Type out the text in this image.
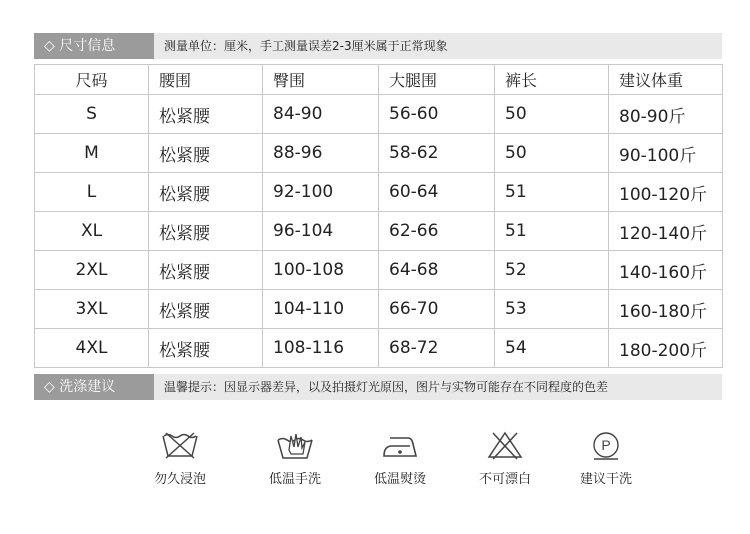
◇ 尺寸信息	测量单位：厘米，手工测量误差2-3厘米属于正常现象
尺码	腰围	臀围	大腿围	裤长	建议体重
S	松紧腰	84-90	56-60	50	80-90斤
M	松紧腰	88-96	58-62	50	90-100斤
L	松紧腰	92-100	60-64	51	100-120斤
XL	松紧腰	96-104	62-66	51	120-140斤
2XL	松紧腰	100-108	64-68	52	140-160斤
3XL	松紧腰	104-110	66-70	53	160-180斤
4XL	松紧腰	108-116	68-72	54	180-200斤
◇ 洗涤建议	温馨提示：因显示器差异，以及拍摄灯光原因，图片与实物可能存在不同程度的色差
勿久浸泡	低温手洗	低温熨烫	不可漂白
P
建议干洗
